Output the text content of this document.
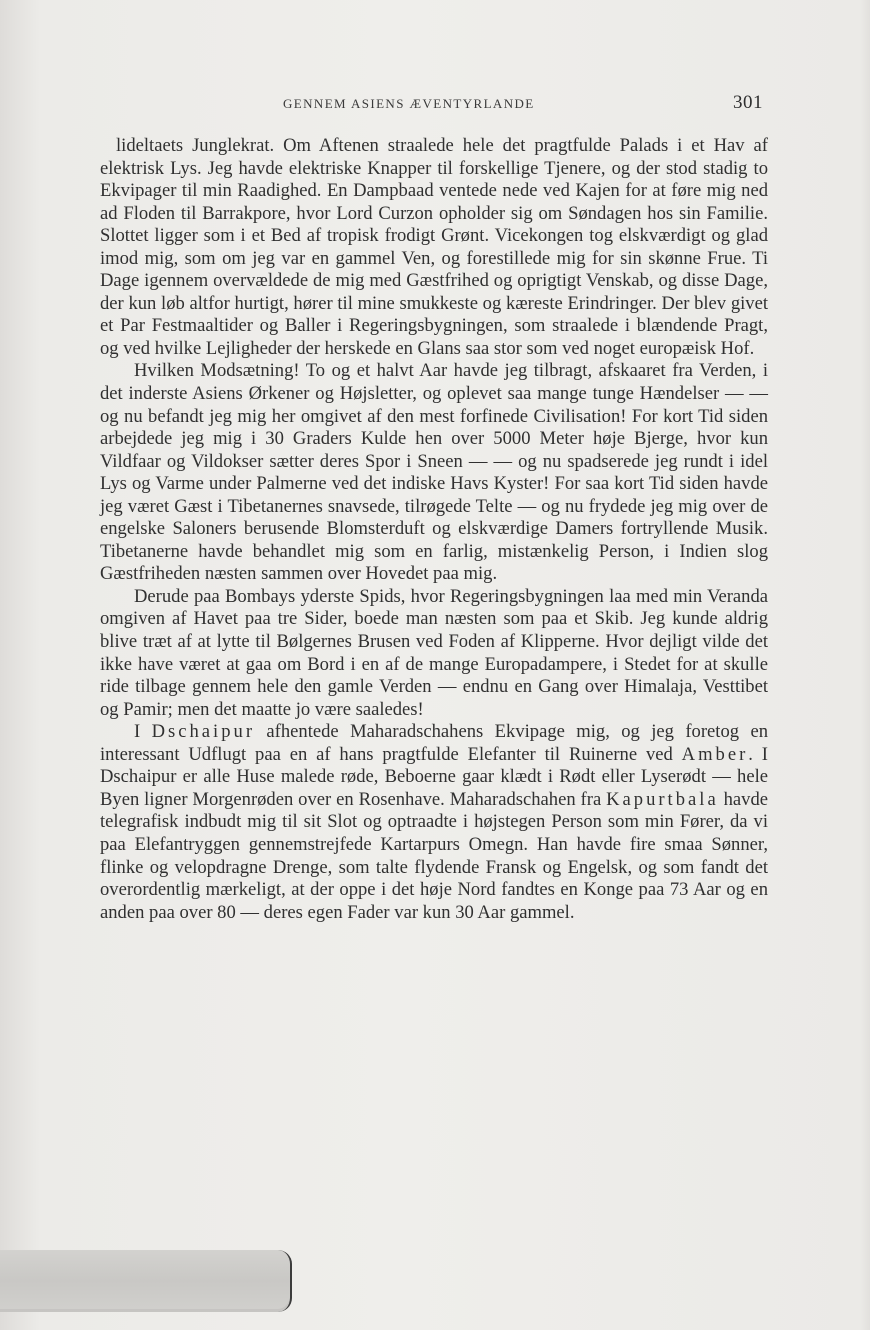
GENNEM ASIENS ÆVENTYRLANDE	301

lideltaets Junglekrat. Om Aftenen straalede hele det pragtfulde Palads i et Hav af elektrisk Lys. Jeg havde elektriske Knapper til forskellige Tjenere, og der stod stadig to Ekvipager til min Raadighed. En Dampbaad ventede nede ved Kajen for at føre mig ned ad Floden til Barrakpore, hvor Lord Curzon opholder sig om Søndagen hos sin Familie. Slottet ligger som i et Bed af tropisk frodigt Grønt. Vicekongen tog elskværdigt og glad imod mig, som om jeg var en gammel Ven, og forestillede mig for sin skønne Frue. Ti Dage igennem overvældede de mig med Gæstfrihed og oprigtigt Venskab, og disse Dage, der kun løb altfor hurtigt, hører til mine smukkeste og kæreste Erindringer. Der blev givet et Par Festmaaltider og Baller i Regeringsbygningen, som straalede i blændende Pragt, og ved hvilke Lejligheder der herskede en Glans saa stor som ved noget europæisk Hof.

Hvilken Modsætning! To og et halvt Aar havde jeg tilbragt, afskaaret fra Verden, i det inderste Asiens Ørkener og Højsletter, og oplevet saa mange tunge Hændelser — — og nu befandt jeg mig her omgivet af den mest forfinede Civilisation! For kort Tid siden arbejdede jeg mig i 30 Graders Kulde hen over 5000 Meter høje Bjerge, hvor kun Vildfaar og Vildokser sætter deres Spor i Sneen — — og nu spadserede jeg rundt i idel Lys og Varme under Palmerne ved det indiske Havs Kyster! For saa kort Tid siden havde jeg været Gæst i Tibetanernes snavsede, tilrøgede Telte — og nu frydede jeg mig over de engelske Saloners berusende Blomsterduft og elskværdige Damers fortryllende Musik. Tibetanerne havde behandlet mig som en farlig, mistænkelig Person, i Indien slog Gæstfriheden næsten sammen over Hovedet paa mig.

Derude paa Bombays yderste Spids, hvor Regeringsbygningen laa med min Veranda omgiven af Havet paa tre Sider, boede man næsten som paa et Skib. Jeg kunde aldrig blive træt af at lytte til Bølgernes Brusen ved Foden af Klipperne. Hvor dejligt vilde det ikke have været at gaa om Bord i en af de mange Europadampere, i Stedet for at skulle ride tilbage gennem hele den gamle Verden — endnu en Gang over Himalaja, Vesttibet og Pamir; men det maatte jo være saaledes!

I Dschaipur afhentede Maharadschahens Ekvipage mig, og jeg foretog en interessant Udflugt paa en af hans pragtfulde Elefanter til Ruinerne ved Amber. I Dschaipur er alle Huse malede røde, Beboerne gaar klædt i Rødt eller Lyserødt — hele Byen ligner Morgenrøden over en Rosenhave. Maharadschahen fra Kapurtbala havde telegrafisk indbudt mig til sit Slot og optraadte i højstegen Person som min Fører, da vi paa Elefantryggen gennemstrejfede Kartarpurs Omegn. Han havde fire smaa Sønner, flinke og velopdragne Drenge, som talte flydende Fransk og Engelsk, og som fandt det overordentlig mærkeligt, at der oppe i det høje Nord fandtes en Konge paa 73 Aar og en anden paa over 80 — deres egen Fader var kun 30 Aar gammel.
